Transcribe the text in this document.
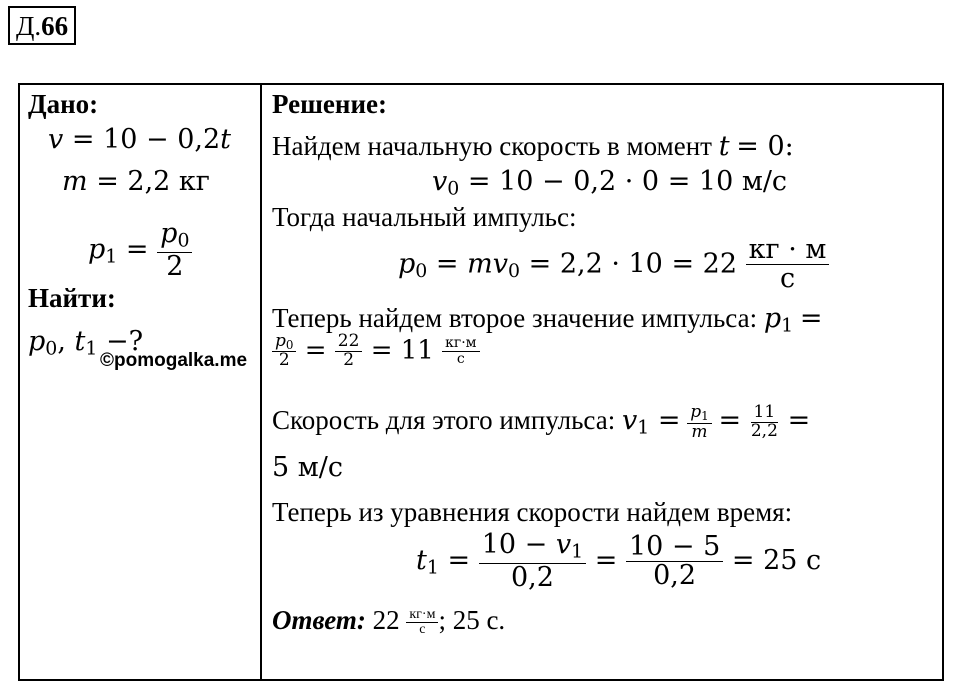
Д.66
Дано:
v = 10 − 0,2t
m = 2,2 кг
$p_1 = \frac{p_0}{2}$
Найти:
$p_0$, $t_1$ −?
©pomogalka.me
Решение:
Найдем начальную скорость в момент t = 0:
$v_0 = 10 - 0,2 \cdot 0 = 10$ м/с
Тогда начальный импульс:
$p_0 = mv_0 = 2,2 \cdot 10 = 22 \frac{кг \cdot м}{с}$
Теперь найдем второе значение импульса: $p_1$ =
$\frac{p_0}{2} = \frac{22}{2} = 11 \frac{кг\cdot м}{с}$
Скорость для этого импульса: $v_1 = \frac{p_1}{m} = \frac{11}{2,2}$ =
5 м/с
Теперь из уравнения скорости найдем время:
$t_1 = \frac{10 - v_1}{0,2} = \frac{10 - 5}{0,2} = 25$ с
Ответ: $22 \frac{кг\cdot м}{с}$ ; 25 с.
